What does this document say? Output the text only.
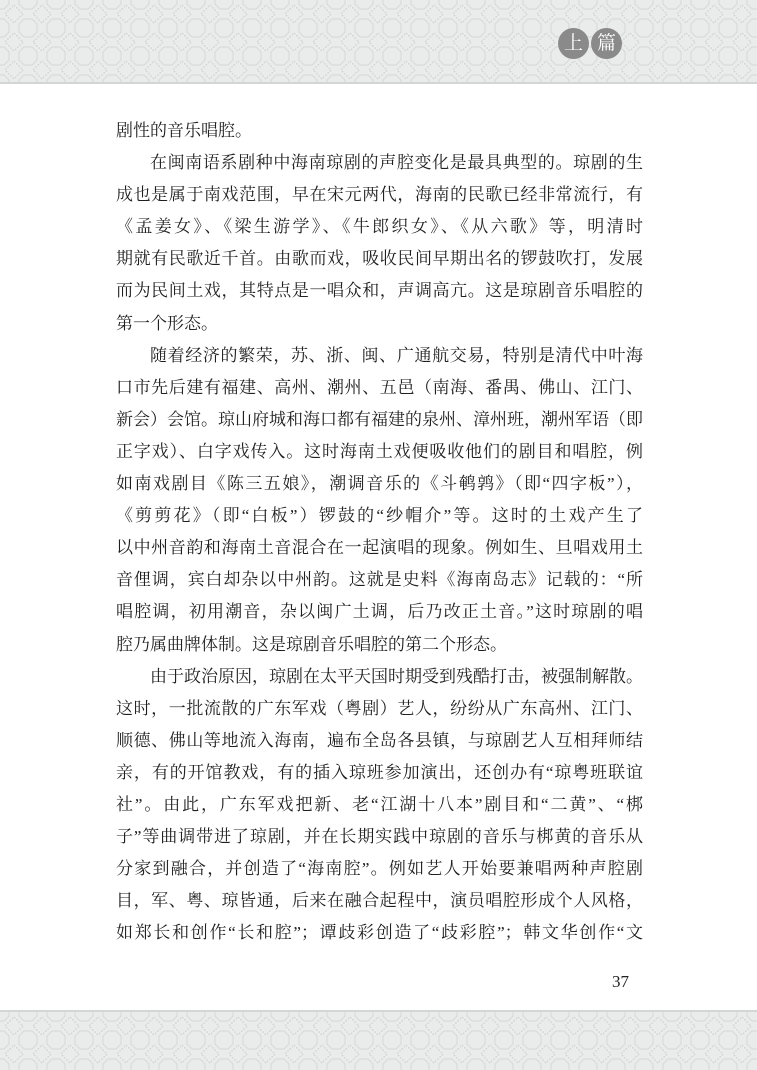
上 篇
剧性的音乐唱腔。
在闽南语系剧种中海南琼剧的声腔变化是最具典型的。琼剧的生
成也是属于南戏范围，早在宋元两代，海南的民歌已经非常流行，有
《孟姜女》、《梁生游学》、《牛郎织女》、《从六歌》等，明清时
期就有民歌近千首。由歌而戏，吸收民间早期出名的锣鼓吹打，发展
而为民间土戏，其特点是一唱众和，声调高亢。这是琼剧音乐唱腔的
第一个形态。
随着经济的繁荣，苏、浙、闽、广通航交易，特别是清代中叶海
口市先后建有福建、高州、潮州、五邑（南海、番禺、佛山、江门、
新会）会馆。琼山府城和海口都有福建的泉州、漳州班，潮州军语（即
正字戏）、白字戏传入。这时海南土戏便吸收他们的剧目和唱腔，例
如南戏剧目《陈三五娘》，潮调音乐的《斗鹌鹑》（即“四字板”），
《剪剪花》（即“白板”）锣鼓的“纱帽介”等。这时的土戏产生了
以中州音韵和海南土音混合在一起演唱的现象。例如生、旦唱戏用土
音俚调，宾白却杂以中州韵。这就是史料《海南岛志》记载的：“所
唱腔调，初用潮音，杂以闽广土调，后乃改正土音。”这时琼剧的唱
腔乃属曲牌体制。这是琼剧音乐唱腔的第二个形态。
由于政治原因，琼剧在太平天国时期受到残酷打击，被强制解散。
这时，一批流散的广东军戏（粤剧）艺人，纷纷从广东高州、江门、
顺德、佛山等地流入海南，遍布全岛各县镇，与琼剧艺人互相拜师结
亲，有的开馆教戏，有的插入琼班参加演出，还创办有“琼粤班联谊
社”。由此，广东军戏把新、老“江湖十八本”剧目和“二黄”、“梆
子”等曲调带进了琼剧，并在长期实践中琼剧的音乐与梆黄的音乐从
分家到融合，并创造了“海南腔”。例如艺人开始要兼唱两种声腔剧
目，军、粤、琼皆通，后来在融合起程中，演员唱腔形成个人风格，
如郑长和创作“长和腔”；谭歧彩创造了“歧彩腔”；韩文华创作“文
37
